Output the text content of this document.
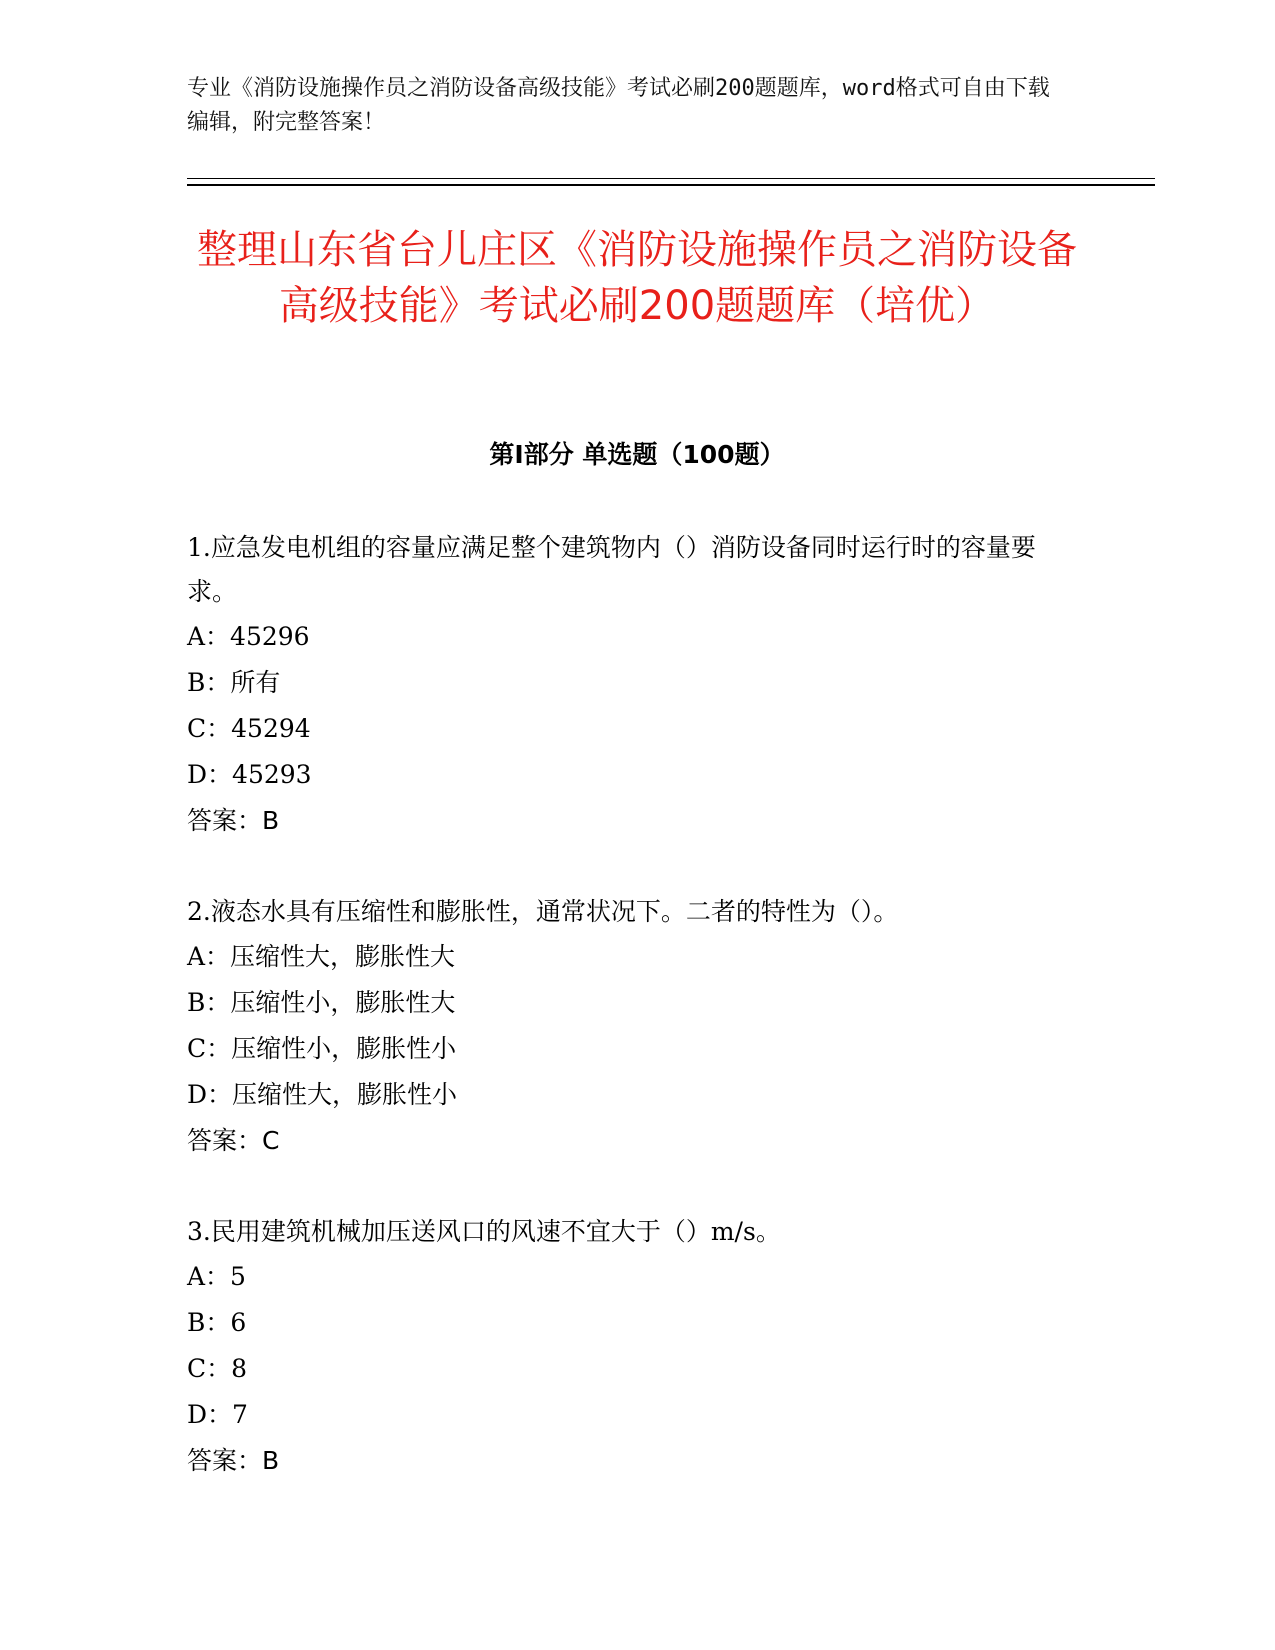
专业《消防设施操作员之消防设备高级技能》考试必刷200题题库，word格式可自由下载编辑，附完整答案！
整理山东省台儿庄区《消防设施操作员之消防设备高级技能》考试必刷200题题库（培优）
第I部分 单选题（100题）

1.应急发电机组的容量应满足整个建筑物内（）消防设备同时运行时的容量要求。

A：45296

B：所有

C：45294

D：45293

答案：B

2.液态水具有压缩性和膨胀性，通常状况下。二者的特性为（）。

A：压缩性大，膨胀性大

B：压缩性小，膨胀性大

C：压缩性小，膨胀性小

D：压缩性大，膨胀性小

答案：C

3.民用建筑机械加压送风口的风速不宜大于（）m/s。

A：5

B：6

C：8

D：7

答案：B
